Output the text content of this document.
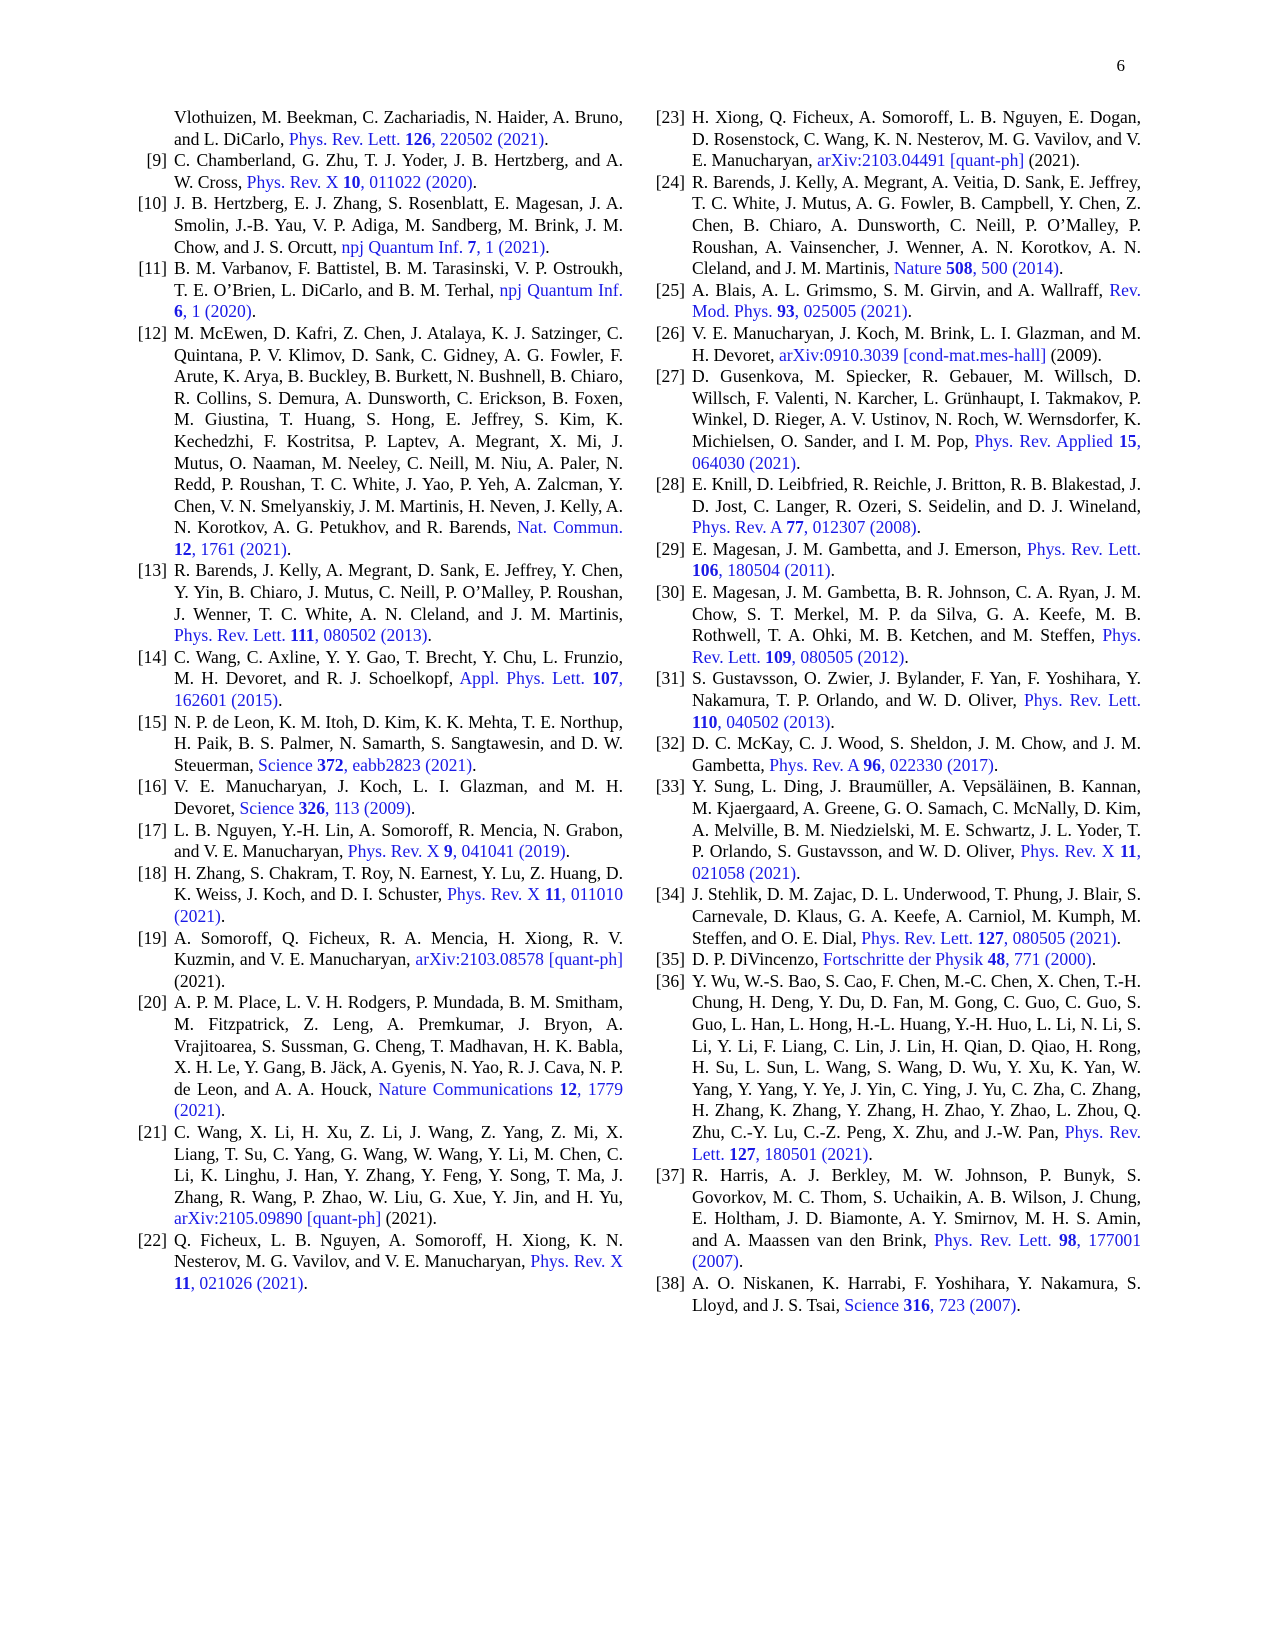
6
Vlothuizen, M. Beekman, C. Zachariadis, N. Haider, A. Bruno, and L. DiCarlo, Phys. Rev. Lett. 126, 220502 (2021).
[9] C. Chamberland, G. Zhu, T. J. Yoder, J. B. Hertzberg, and A. W. Cross, Phys. Rev. X 10, 011022 (2020).
[10] J. B. Hertzberg, E. J. Zhang, S. Rosenblatt, E. Magesan, J. A. Smolin, J.-B. Yau, V. P. Adiga, M. Sandberg, M. Brink, J. M. Chow, and J. S. Orcutt, npj Quantum Inf. 7, 1 (2021).
[11] B. M. Varbanov, F. Battistel, B. M. Tarasinski, V. P. Ostroukh, T. E. O’Brien, L. DiCarlo, and B. M. Terhal, npj Quantum Inf. 6, 1 (2020).
[12] M. McEwen, D. Kafri, Z. Chen, J. Atalaya, K. J. Satzinger, C. Quintana, P. V. Klimov, D. Sank, C. Gidney, A. G. Fowler, F. Arute, K. Arya, B. Buckley, B. Burkett, N. Bushnell, B. Chiaro, R. Collins, S. Demura, A. Dunsworth, C. Erickson, B. Foxen, M. Giustina, T. Huang, S. Hong, E. Jeffrey, S. Kim, K. Kechedzhi, F. Kostritsa, P. Laptev, A. Megrant, X. Mi, J. Mutus, O. Naaman, M. Neeley, C. Neill, M. Niu, A. Paler, N. Redd, P. Roushan, T. C. White, J. Yao, P. Yeh, A. Zalcman, Y. Chen, V. N. Smelyanskiy, J. M. Martinis, H. Neven, J. Kelly, A. N. Korotkov, A. G. Petukhov, and R. Barends, Nat. Commun. 12, 1761 (2021).
[13] R. Barends, J. Kelly, A. Megrant, D. Sank, E. Jeffrey, Y. Chen, Y. Yin, B. Chiaro, J. Mutus, C. Neill, P. O’Malley, P. Roushan, J. Wenner, T. C. White, A. N. Cleland, and J. M. Martinis, Phys. Rev. Lett. 111, 080502 (2013).
[14] C. Wang, C. Axline, Y. Y. Gao, T. Brecht, Y. Chu, L. Frunzio, M. H. Devoret, and R. J. Schoelkopf, Appl. Phys. Lett. 107, 162601 (2015).
[15] N. P. de Leon, K. M. Itoh, D. Kim, K. K. Mehta, T. E. Northup, H. Paik, B. S. Palmer, N. Samarth, S. Sangtawesin, and D. W. Steuerman, Science 372, eabb2823 (2021).
[16] V. E. Manucharyan, J. Koch, L. I. Glazman, and M. H. Devoret, Science 326, 113 (2009).
[17] L. B. Nguyen, Y.-H. Lin, A. Somoroff, R. Mencia, N. Grabon, and V. E. Manucharyan, Phys. Rev. X 9, 041041 (2019).
[18] H. Zhang, S. Chakram, T. Roy, N. Earnest, Y. Lu, Z. Huang, D. K. Weiss, J. Koch, and D. I. Schuster, Phys. Rev. X 11, 011010 (2021).
[19] A. Somoroff, Q. Ficheux, R. A. Mencia, H. Xiong, R. V. Kuzmin, and V. E. Manucharyan, arXiv:2103.08578 [quant-ph] (2021).
[20] A. P. M. Place, L. V. H. Rodgers, P. Mundada, B. M. Smitham, M. Fitzpatrick, Z. Leng, A. Premkumar, J. Bryon, A. Vrajitoarea, S. Sussman, G. Cheng, T. Madhavan, H. K. Babla, X. H. Le, Y. Gang, B. Jäck, A. Gyenis, N. Yao, R. J. Cava, N. P. de Leon, and A. A. Houck, Nature Communications 12, 1779 (2021).
[21] C. Wang, X. Li, H. Xu, Z. Li, J. Wang, Z. Yang, Z. Mi, X. Liang, T. Su, C. Yang, G. Wang, W. Wang, Y. Li, M. Chen, C. Li, K. Linghu, J. Han, Y. Zhang, Y. Feng, Y. Song, T. Ma, J. Zhang, R. Wang, P. Zhao, W. Liu, G. Xue, Y. Jin, and H. Yu, arXiv:2105.09890 [quant-ph] (2021).
[22] Q. Ficheux, L. B. Nguyen, A. Somoroff, H. Xiong, K. N. Nesterov, M. G. Vavilov, and V. E. Manucharyan, Phys. Rev. X 11, 021026 (2021).
[23] H. Xiong, Q. Ficheux, A. Somoroff, L. B. Nguyen, E. Dogan, D. Rosenstock, C. Wang, K. N. Nesterov, M. G. Vavilov, and V. E. Manucharyan, arXiv:2103.04491 [quant-ph] (2021).
[24] R. Barends, J. Kelly, A. Megrant, A. Veitia, D. Sank, E. Jeffrey, T. C. White, J. Mutus, A. G. Fowler, B. Campbell, Y. Chen, Z. Chen, B. Chiaro, A. Dunsworth, C. Neill, P. O’Malley, P. Roushan, A. Vainsencher, J. Wenner, A. N. Korotkov, A. N. Cleland, and J. M. Martinis, Nature 508, 500 (2014).
[25] A. Blais, A. L. Grimsmo, S. M. Girvin, and A. Wallraff, Rev. Mod. Phys. 93, 025005 (2021).
[26] V. E. Manucharyan, J. Koch, M. Brink, L. I. Glazman, and M. H. Devoret, arXiv:0910.3039 [cond-mat.mes-hall] (2009).
[27] D. Gusenkova, M. Spiecker, R. Gebauer, M. Willsch, D. Willsch, F. Valenti, N. Karcher, L. Grünhaupt, I. Takmakov, P. Winkel, D. Rieger, A. V. Ustinov, N. Roch, W. Wernsdorfer, K. Michielsen, O. Sander, and I. M. Pop, Phys. Rev. Applied 15, 064030 (2021).
[28] E. Knill, D. Leibfried, R. Reichle, J. Britton, R. B. Blakestad, J. D. Jost, C. Langer, R. Ozeri, S. Seidelin, and D. J. Wineland, Phys. Rev. A 77, 012307 (2008).
[29] E. Magesan, J. M. Gambetta, and J. Emerson, Phys. Rev. Lett. 106, 180504 (2011).
[30] E. Magesan, J. M. Gambetta, B. R. Johnson, C. A. Ryan, J. M. Chow, S. T. Merkel, M. P. da Silva, G. A. Keefe, M. B. Rothwell, T. A. Ohki, M. B. Ketchen, and M. Steffen, Phys. Rev. Lett. 109, 080505 (2012).
[31] S. Gustavsson, O. Zwier, J. Bylander, F. Yan, F. Yoshihara, Y. Nakamura, T. P. Orlando, and W. D. Oliver, Phys. Rev. Lett. 110, 040502 (2013).
[32] D. C. McKay, C. J. Wood, S. Sheldon, J. M. Chow, and J. M. Gambetta, Phys. Rev. A 96, 022330 (2017).
[33] Y. Sung, L. Ding, J. Braumüller, A. Vepsäläinen, B. Kannan, M. Kjaergaard, A. Greene, G. O. Samach, C. McNally, D. Kim, A. Melville, B. M. Niedzielski, M. E. Schwartz, J. L. Yoder, T. P. Orlando, S. Gustavsson, and W. D. Oliver, Phys. Rev. X 11, 021058 (2021).
[34] J. Stehlik, D. M. Zajac, D. L. Underwood, T. Phung, J. Blair, S. Carnevale, D. Klaus, G. A. Keefe, A. Carniol, M. Kumph, M. Steffen, and O. E. Dial, Phys. Rev. Lett. 127, 080505 (2021).
[35] D. P. DiVincenzo, Fortschritte der Physik 48, 771 (2000).
[36] Y. Wu, W.-S. Bao, S. Cao, F. Chen, M.-C. Chen, X. Chen, T.-H. Chung, H. Deng, Y. Du, D. Fan, M. Gong, C. Guo, C. Guo, S. Guo, L. Han, L. Hong, H.-L. Huang, Y.-H. Huo, L. Li, N. Li, S. Li, Y. Li, F. Liang, C. Lin, J. Lin, H. Qian, D. Qiao, H. Rong, H. Su, L. Sun, L. Wang, S. Wang, D. Wu, Y. Xu, K. Yan, W. Yang, Y. Yang, Y. Ye, J. Yin, C. Ying, J. Yu, C. Zha, C. Zhang, H. Zhang, K. Zhang, Y. Zhang, H. Zhao, Y. Zhao, L. Zhou, Q. Zhu, C.-Y. Lu, C.-Z. Peng, X. Zhu, and J.-W. Pan, Phys. Rev. Lett. 127, 180501 (2021).
[37] R. Harris, A. J. Berkley, M. W. Johnson, P. Bunyk, S. Govorkov, M. C. Thom, S. Uchaikin, A. B. Wilson, J. Chung, E. Holtham, J. D. Biamonte, A. Y. Smirnov, M. H. S. Amin, and A. Maassen van den Brink, Phys. Rev. Lett. 98, 177001 (2007).
[38] A. O. Niskanen, K. Harrabi, F. Yoshihara, Y. Nakamura, S. Lloyd, and J. S. Tsai, Science 316, 723 (2007).
